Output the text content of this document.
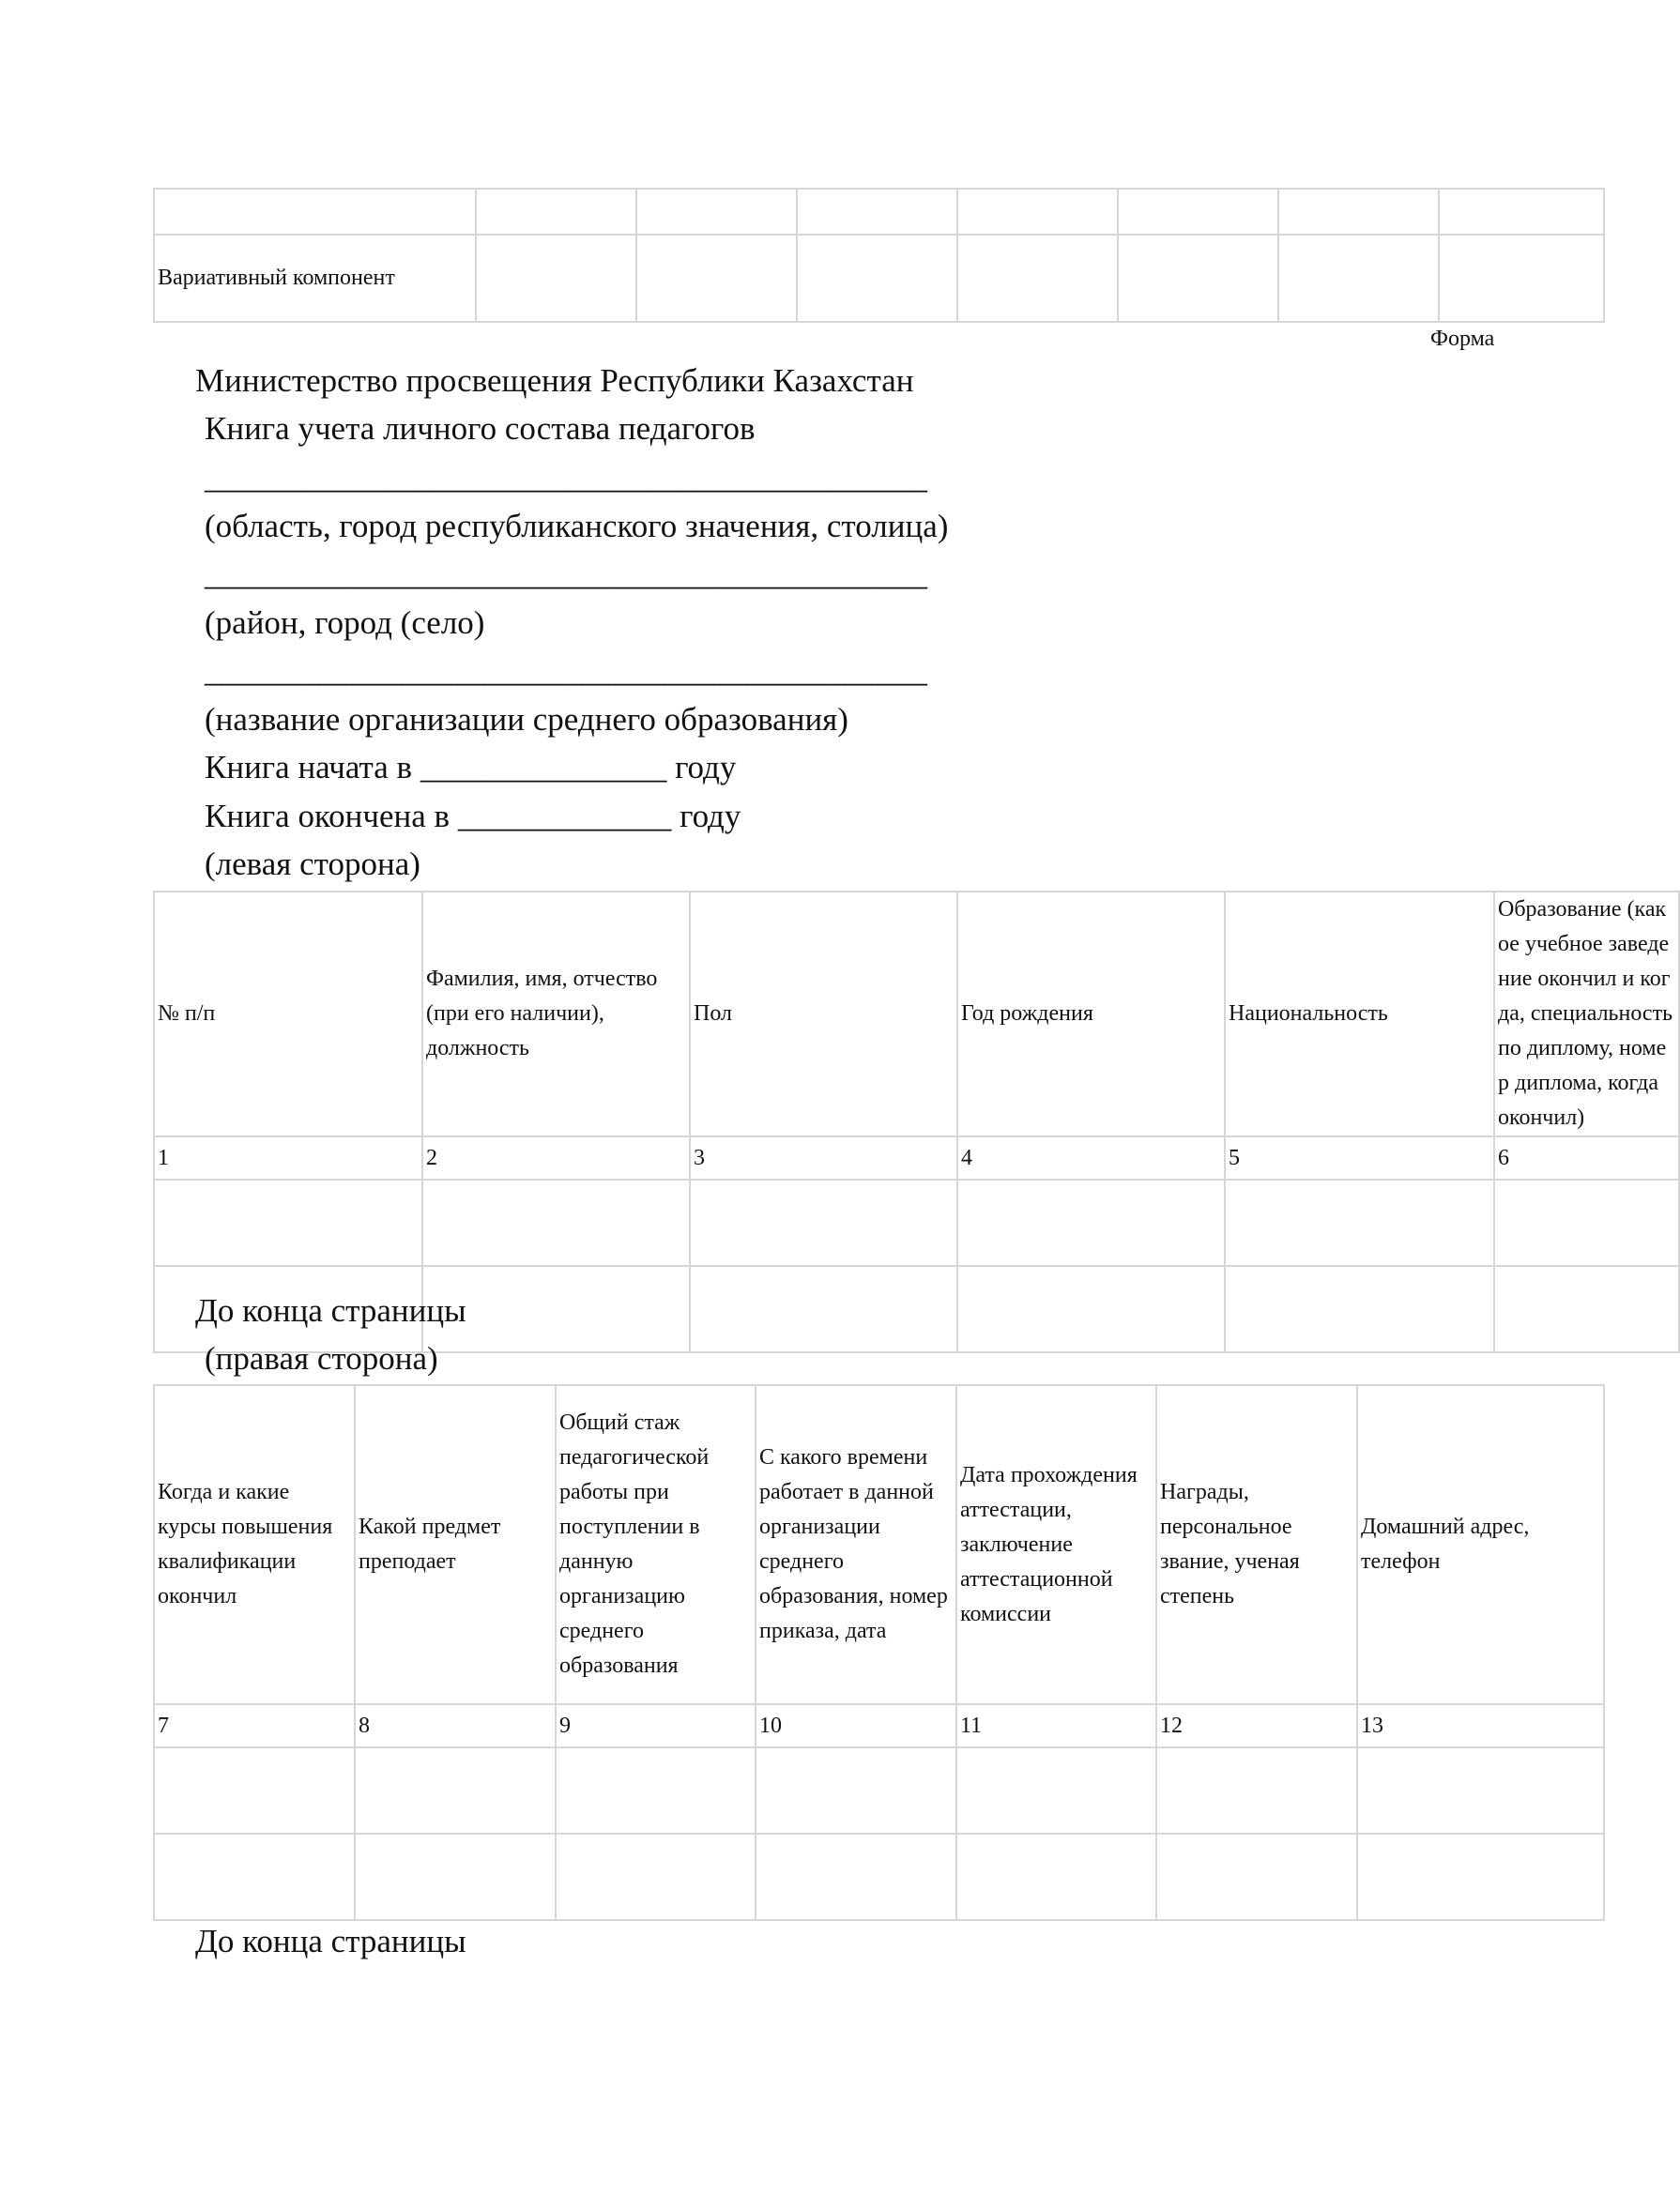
Вариативный компонент							
Форма
Министерство просвещения Республики Казахстан
Книга учета личного состава педагогов
____________________________________________
(область, город республиканского значения, столица)
____________________________________________
(район, город (село)
____________________________________________
(название организации среднего образования)
Книга начата в _______________ году
Книга окончена в _____________ году
(левая сторона)
№ п/п	Фамилия, имя, отчество (при его наличии), должность	Пол	Год рождения	Национальность	Образование (какое учебное заведение окончил и когда, специальность по диплому, номер диплома, когда окончил)
1	2	3	4	5	6

До конца страницы
(правая сторона)
Когда и какие курсы повышения квалификации окончил	Какой предмет преподает	Общий стаж педагогической работы при поступлении в данную организацию среднего образования	С какого времени работает в данной организации среднего образования, номер приказа, дата	Дата прохождения аттестации, заключение аттестационной комиссии	Награды, персональное звание, ученая степень	Домашний адрес, телефон
7	8	9	10	11	12	13

До конца страницы
